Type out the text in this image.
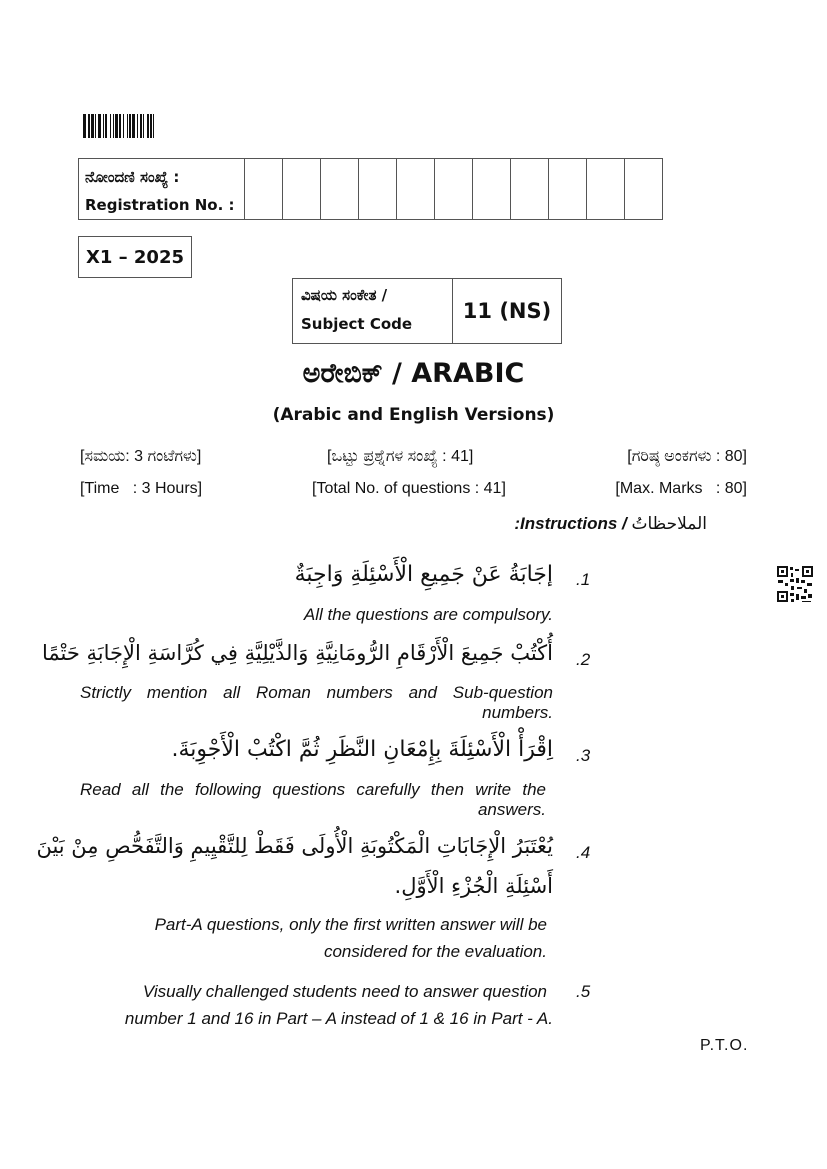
ನೋಂದಣಿ ಸಂಖ್ಯೆ :
Registration No. :

X1 – 2025
ವಿಷಯ ಸಂಕೇತ /
Subject Code
	11 (NS)
ಅರೇಬಿಕ್ / ARABIC
(Arabic and English Versions)
[ಸಮಯ: 3 ಗಂಟೆಗಳು]	[ಒಟ್ಟು ಪ್ರಶ್ನೆಗಳ ಸಂಖ್ಯೆ : 41]	[ಗರಿಷ್ಠ ಅಂಕಗಳು : 80]
[Time   : 3 Hours]	[Total No. of questions : 41]	[Max. Marks   : 80]
:Instructions / الملاحظاتُ
.1
إجَابَةُ عَنْ جَمِيعِ الْأَسْئِلَةِ وَاجِبَةٌ
All the questions are compulsory.
.2
أُكْتُبْ جَمِيعَ الْأَرْقَامِ الرُّومَانِيَّةِ وَالذَّيْلِيَّةِ فِي كُرَّاسَةِ الْإِجَابَةِ حَتْمًا
Strictly mention all Roman numbers and Sub-question numbers.
.3
اِقْرَأْ الْأَسْئِلَةَ بِإِمْعَانِ النَّظَرِ ثُمَّ اكْتُبْ الْأَجْوِبَةَ.
Read all the following questions carefully then write the answers.
.4
يُعْتَبَرُ الْإِجَابَاتِ الْمَكْتُوبَةِ الْأُولَى فَقَطْ لِلتَّقْيِيمِ وَالتَّفَحُّصِ مِنْ بَيْنَ
أَسْئِلَةِ الْجُزْءِ الْأَوَّلِ.
Part-A questions, only the first written answer will be
considered for the evaluation.
.5
Visually challenged students need to answer question
number 1 and 16 in Part – A instead of 1 & 16 in Part - A.
P.T.O.
